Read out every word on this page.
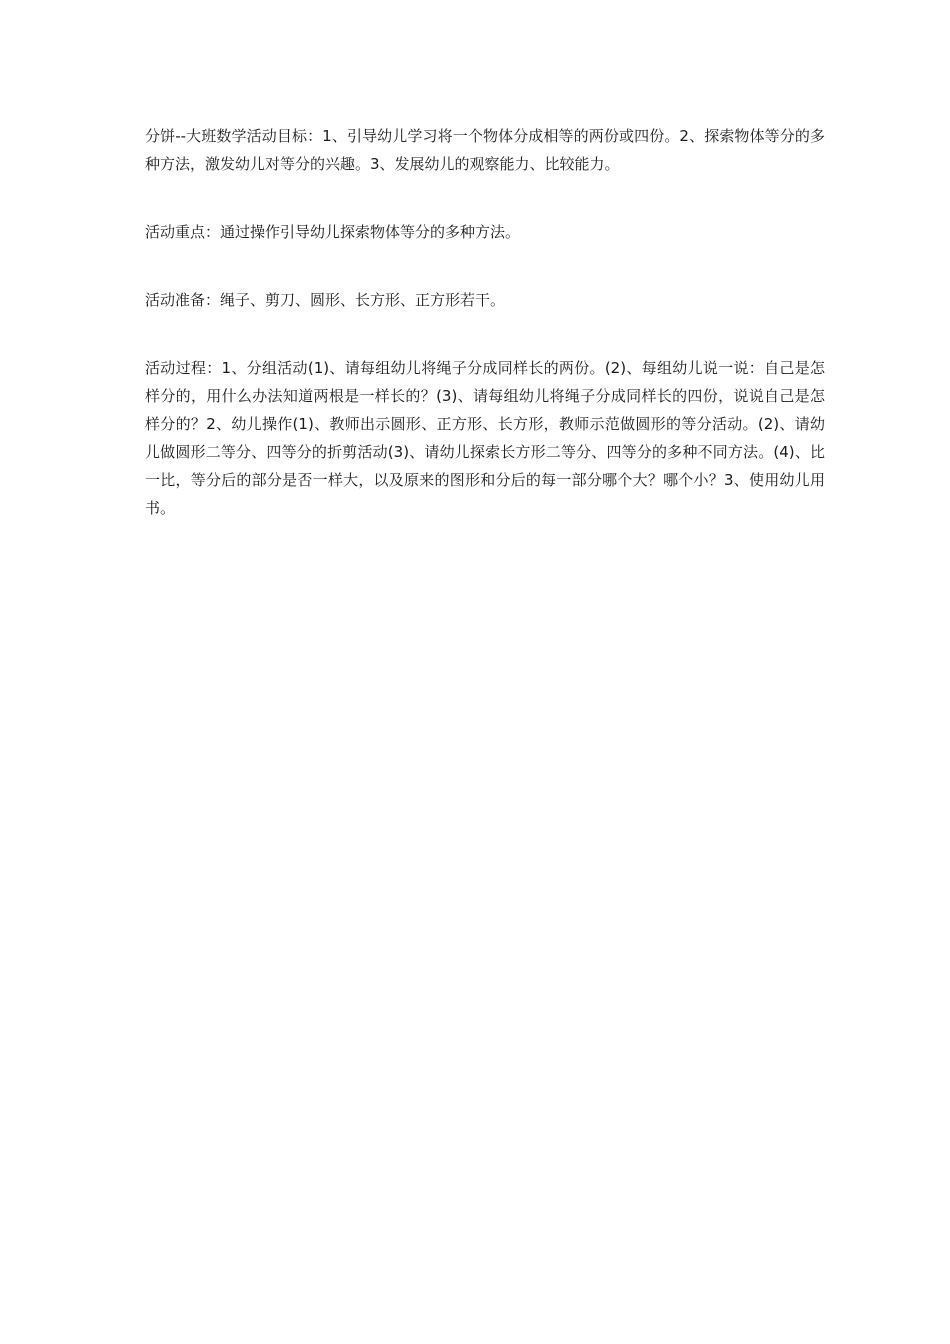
分饼--大班数学活动目标：1、引导幼儿学习将一个物体分成相等的两份或四份。2、探索物体等分的多种方法，激发幼儿对等分的兴趣。3、发展幼儿的观察能力、比较能力。

活动重点：通过操作引导幼儿探索物体等分的多种方法。

活动准备：绳子、剪刀、圆形、长方形、正方形若干。

活动过程：1、分组活动(1)、请每组幼儿将绳子分成同样长的两份。(2)、每组幼儿说一说：自己是怎样分的，用什么办法知道两根是一样长的？(3)、请每组幼儿将绳子分成同样长的四份，说说自己是怎样分的？2、幼儿操作(1)、教师出示圆形、正方形、长方形，教师示范做圆形的等分活动。(2)、请幼儿做圆形二等分、四等分的折剪活动(3)、请幼儿探索长方形二等分、四等分的多种不同方法。(4)、比一比，等分后的部分是否一样大，以及原来的图形和分后的每一部分哪个大？哪个小？3、使用幼儿用书。
